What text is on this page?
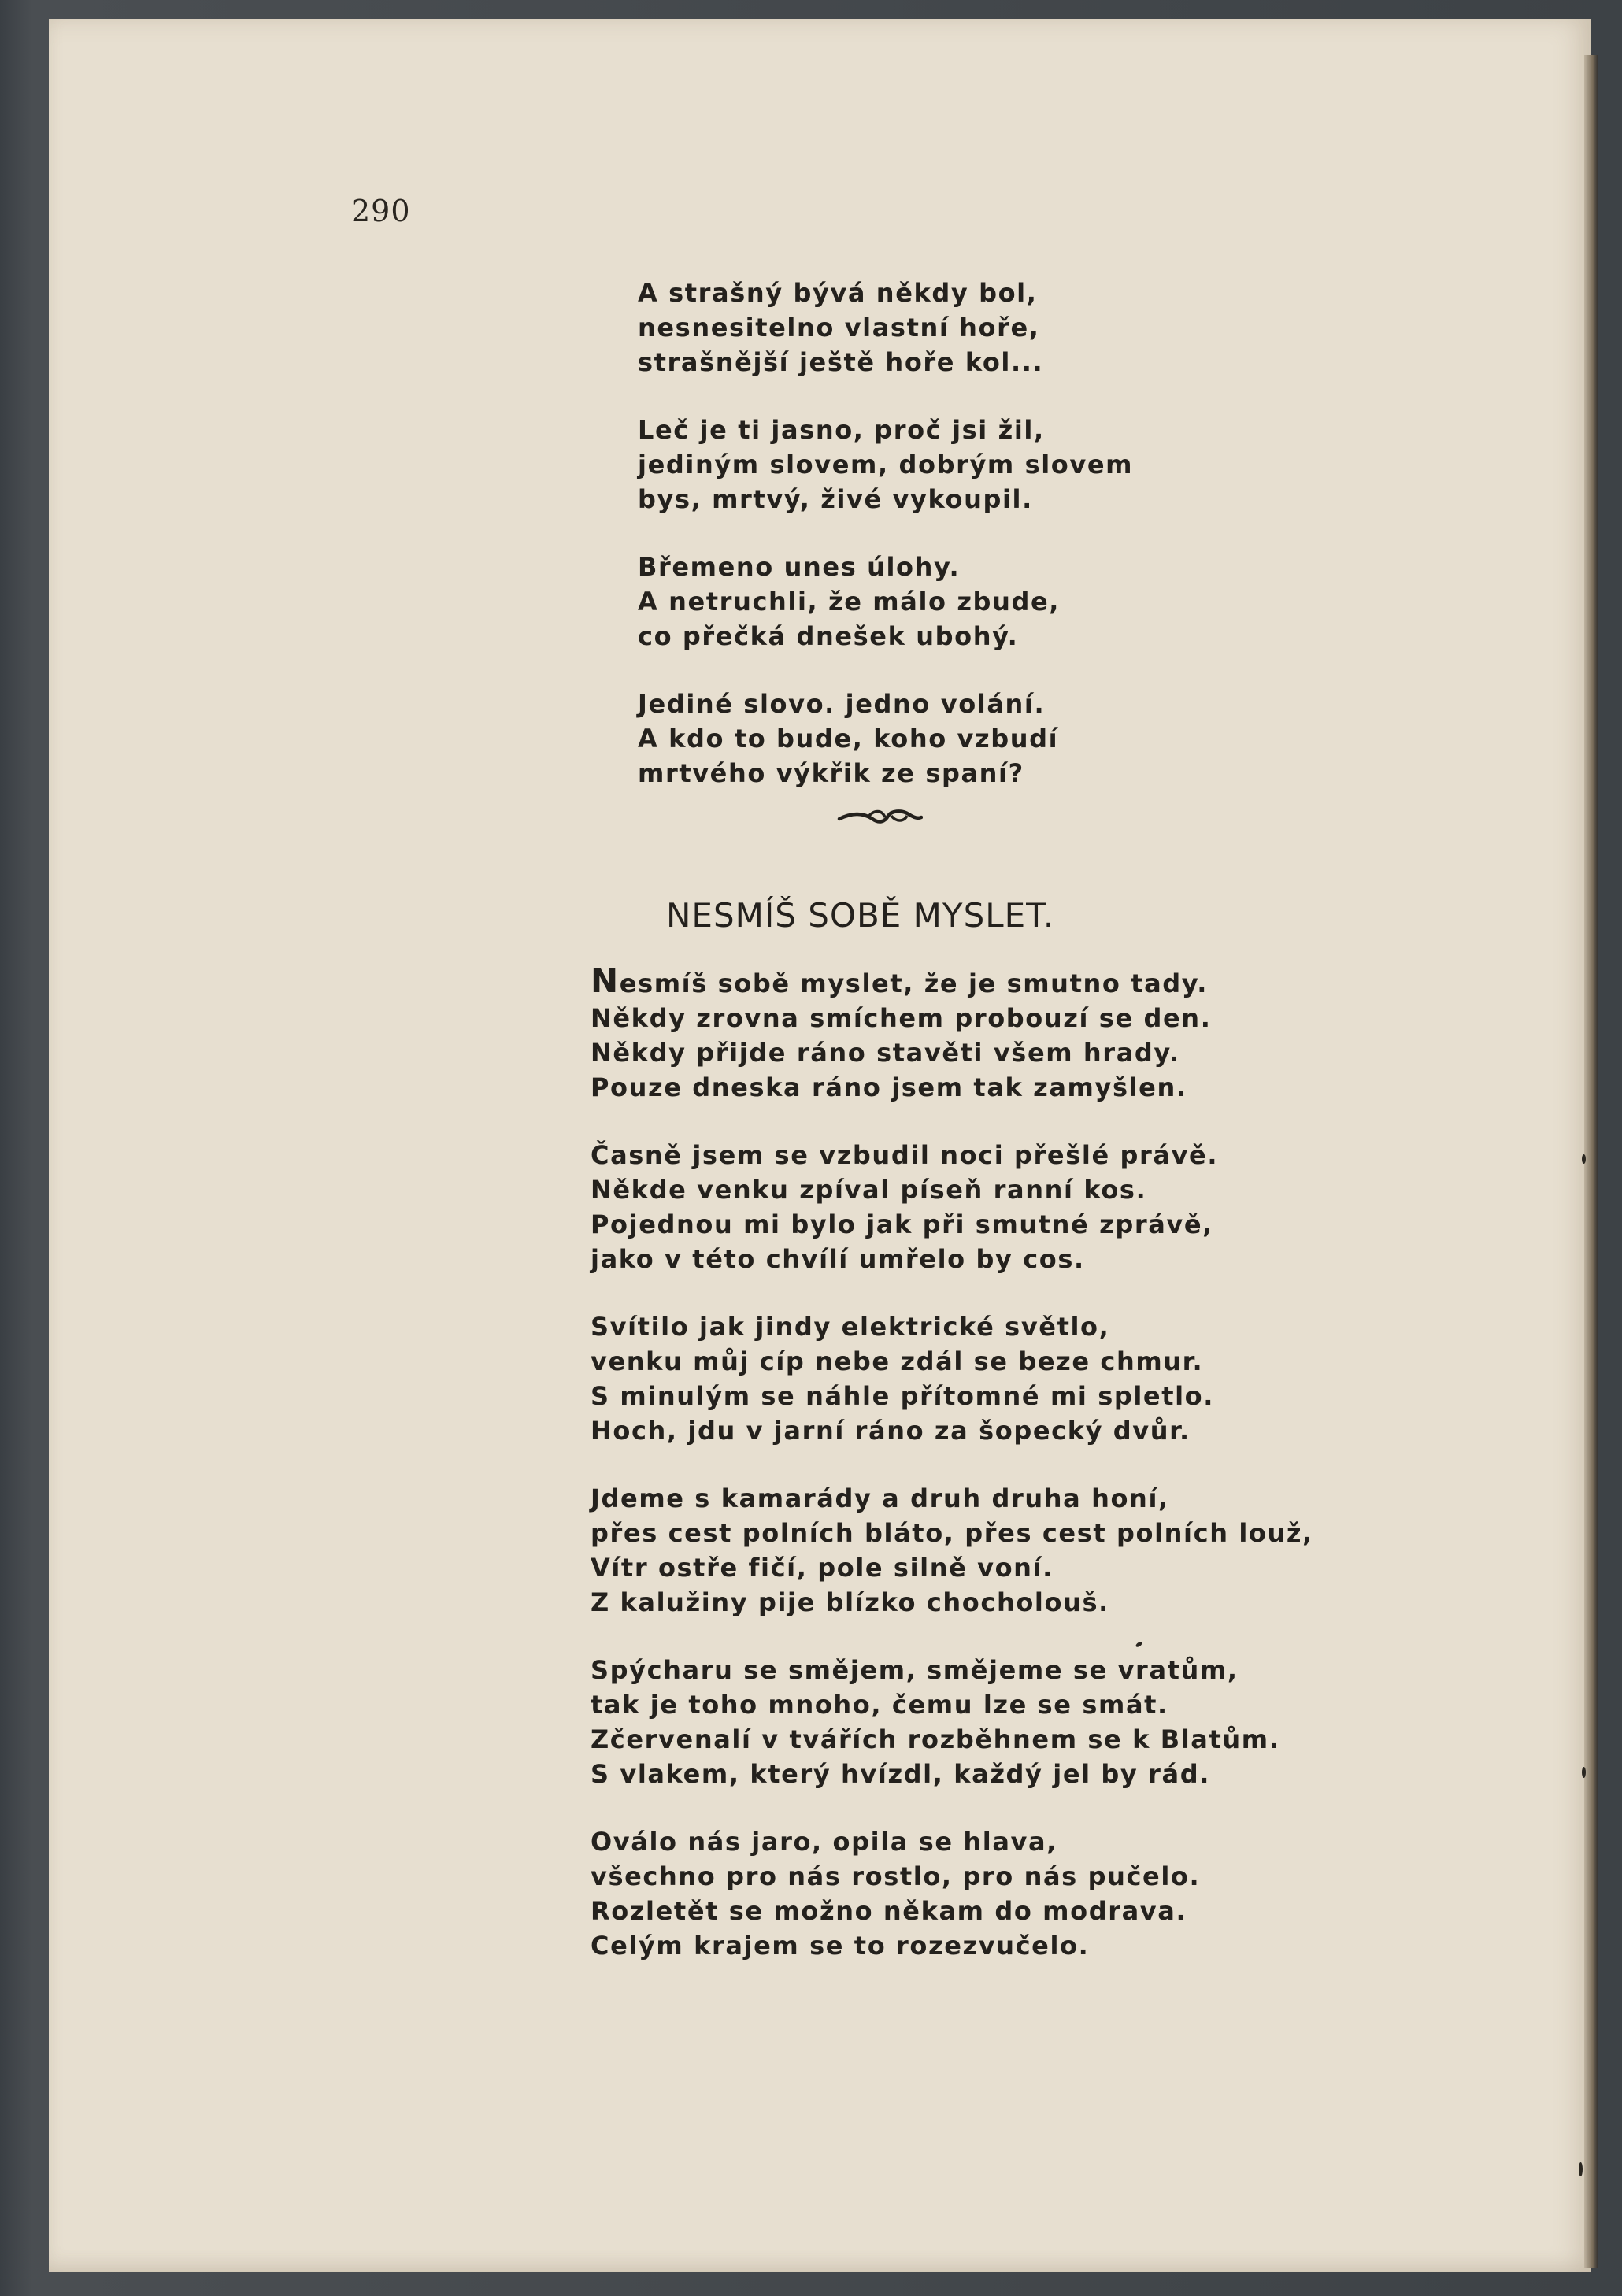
290
A strašný bývá někdy bol,
nesnesitelno vlastní hoře,
strašnější ještě hoře kol...
Leč je ti jasno, proč jsi žil,
jediným slovem, dobrým slovem
bys, mrtvý, živé vykoupil.
Břemeno unes úlohy.
A netruchli, že málo zbude,
co přečká dnešek ubohý.
Jediné slovo. jedno volání.
A kdo to bude, koho vzbudí
mrtvého výkřik ze spaní?
NESMÍŠ SOBĚ MYSLET.
Nesmíš sobě myslet, že je smutno tady.
Někdy zrovna smíchem probouzí se den.
Někdy přijde ráno stavěti všem hrady.
Pouze dneska ráno jsem tak zamyšlen.
Časně jsem se vzbudil noci přešlé právě.
Někde venku zpíval píseň ranní kos.
Pojednou mi bylo jak při smutné zprávě,
jako v této chvílí umřelo by cos.
Svítilo jak jindy elektrické světlo,
venku můj cíp nebe zdál se beze chmur.
S minulým se náhle přítomné mi spletlo.
Hoch, jdu v jarní ráno za šopecký dvůr.
Jdeme s kamarády a druh druha honí,
přes cest polních bláto, přes cest polních louž,
Vítr ostře fičí, pole silně voní.
Z kalužiny pije blízko chocholouš.
Spýcharu se smějem, smějeme se vratům,
tak je toho mnoho, čemu lze se smát.
Zčervenalí v tvářích rozběhnem se k Blatům.
S vlakem, který hvízdl, každý jel by rád.
Oválo nás jaro, opila se hlava,
všechno pro nás rostlo, pro nás pučelo.
Rozletět se možno někam do modrava.
Celým krajem se to rozezvučelo.
